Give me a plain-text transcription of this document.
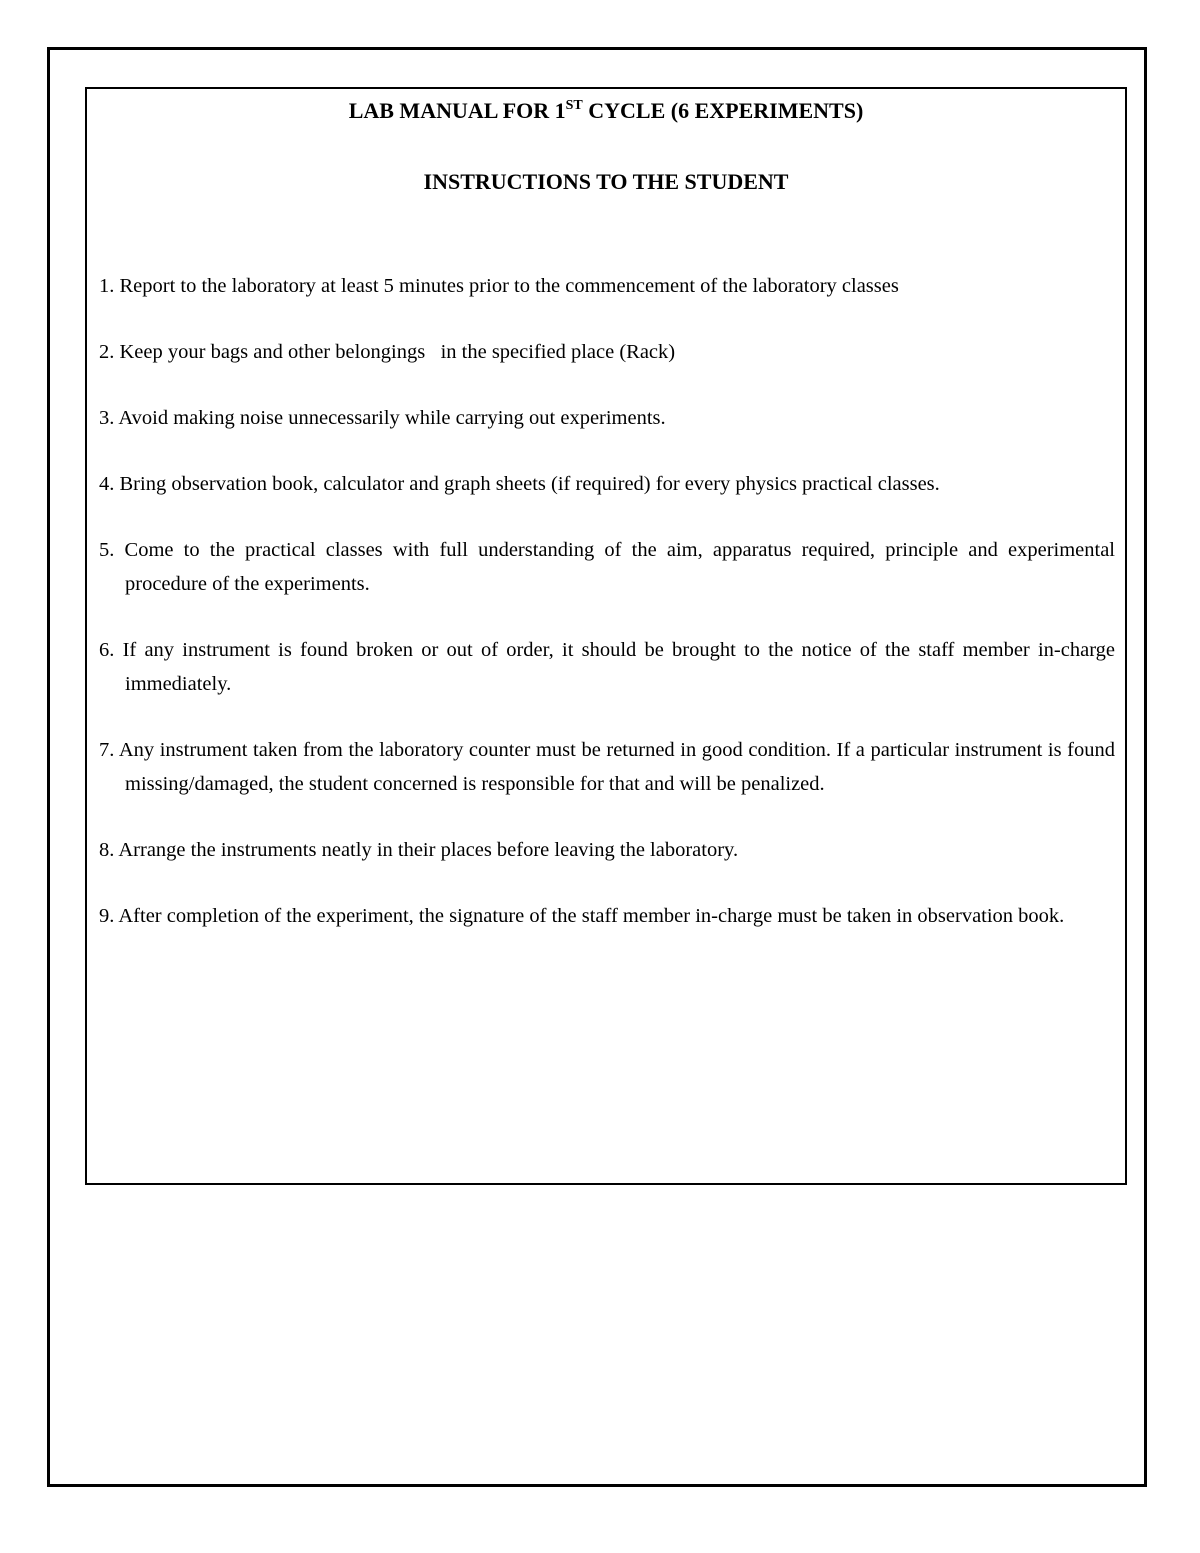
LAB MANUAL FOR 1ST CYCLE (6 EXPERIMENTS)
INSTRUCTIONS TO THE STUDENT
1. Report to the laboratory at least 5 minutes prior to the commencement of the laboratory classes
2. Keep your bags and other belongings   in the specified place (Rack)
3. Avoid making noise unnecessarily while carrying out experiments.
4. Bring observation book, calculator and graph sheets (if required) for every physics practical classes.
5. Come to the practical classes with full understanding of the aim, apparatus required, principle and experimental procedure of the experiments.
6. If any instrument is found broken or out of order, it should be brought to the notice of the staff member in-charge immediately.
7. Any instrument taken from the laboratory counter must be returned in good condition. If a particular instrument is found missing/damaged, the student concerned is responsible for that and will be penalized.
8. Arrange the instruments neatly in their places before leaving the laboratory.
9. After completion of the experiment, the signature of the staff member in-charge must be taken in observation book.
